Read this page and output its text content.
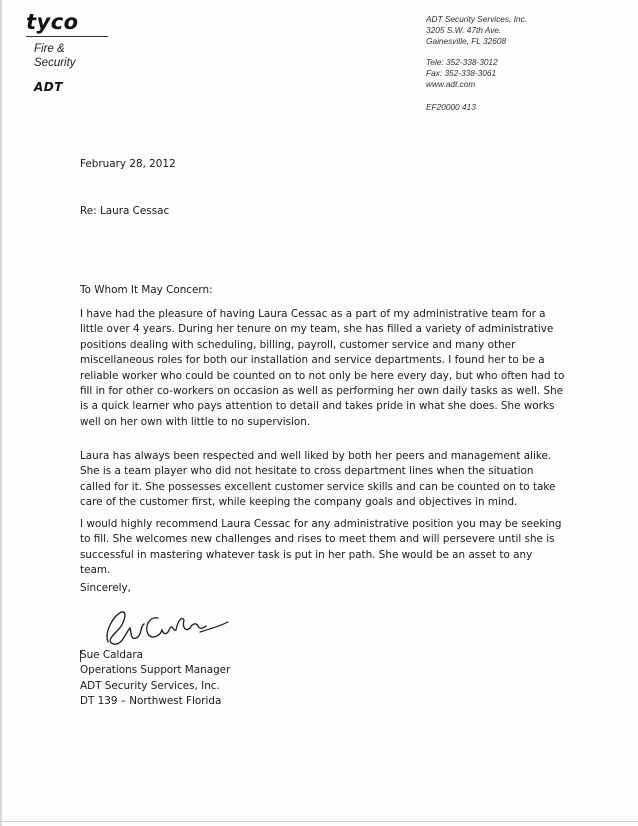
tyco
Fire &
Security
ADT
ADT Security Services, Inc.
3205 S.W. 47th Ave.
Gainesville, FL 32608
Tele: 352-338-3012
Fax: 352-338-3061
www.adt.com
EF20000 413
February 28, 2012
Re: Laura Cessac
To Whom It May Concern:

I have had the pleasure of having Laura Cessac as a part of my administrative team for a little over 4 years. During her tenure on my team, she has filled a variety of administrative positions dealing with scheduling, billing, payroll, customer service and many other miscellaneous roles for both our installation and service departments. I found her to be a reliable worker who could be counted on to not only be here every day, but who often had to fill in for other co-workers on occasion as well as performing her own daily tasks as well. She is a quick learner who pays attention to detail and takes pride in what she does. She works well on her own with little to no supervision.

Laura has always been respected and well liked by both her peers and management alike. She is a team player who did not hesitate to cross department lines when the situation called for it. She possesses excellent customer service skills and can be counted on to take care of the customer first, while keeping the company goals and objectives in mind.

I would highly recommend Laura Cessac for any administrative position you may be seeking to fill. She welcomes new challenges and rises to meet them and will persevere until she is successful in mastering whatever task is put in her path. She would be an asset to any team.

Sincerely,
Sue Caldara
Operations Support Manager
ADT Security Services, Inc.
DT 139 – Northwest Florida
